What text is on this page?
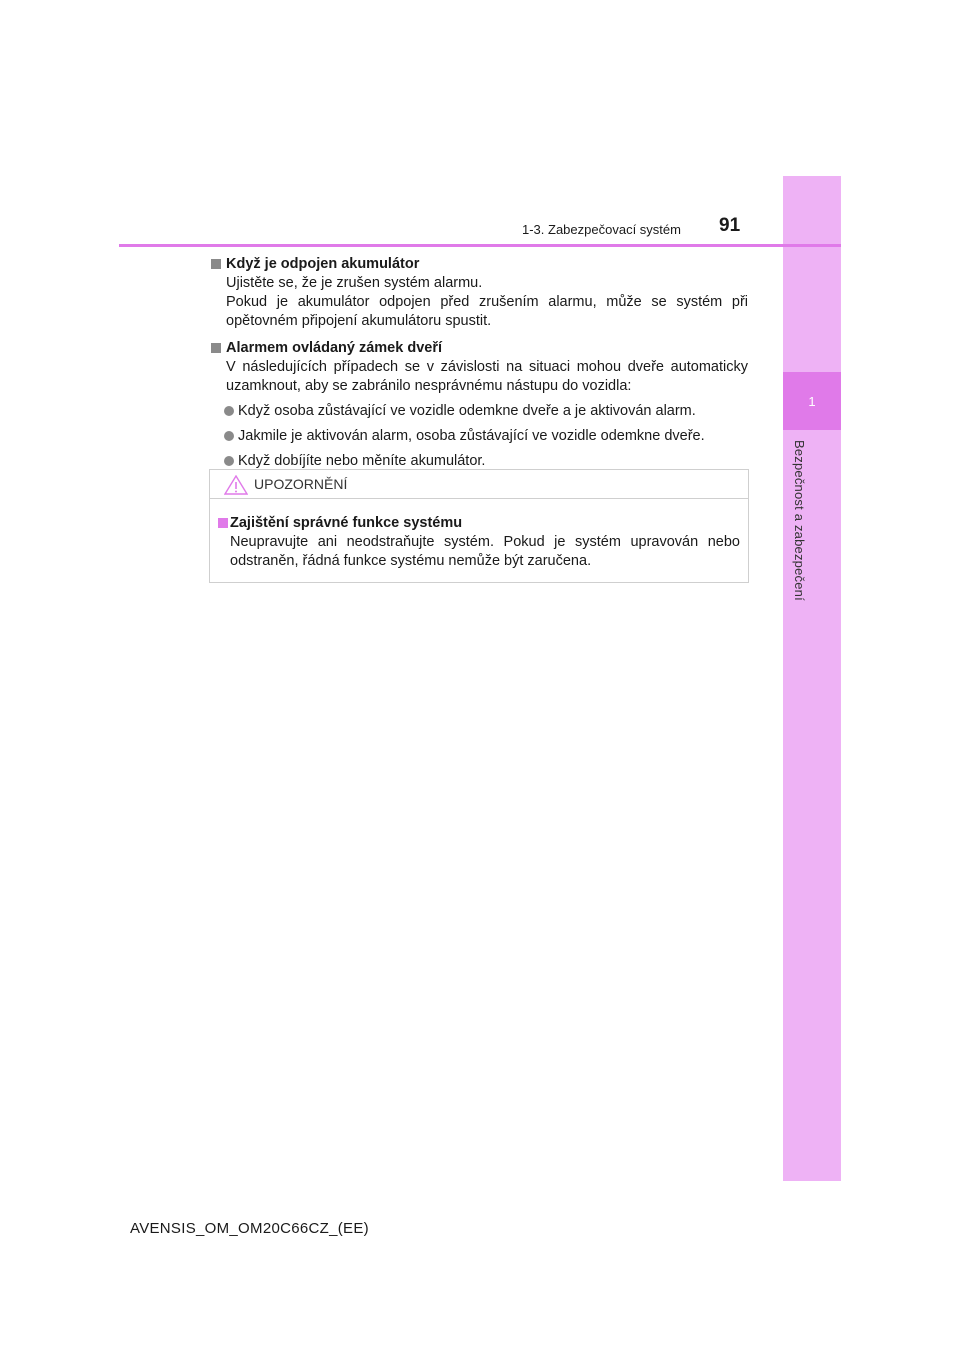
1
Bezpečnost a zabezpečení
1-3. Zabezpečovací systém 91
Když je odpojen akumulátor
Ujistěte se, že je zrušen systém alarmu.
Pokud je akumulátor odpojen před zrušením alarmu, může se systém při opětovném připojení akumulátoru spustit.
Alarmem ovládaný zámek dveří
V následujících případech se v závislosti na situaci mohou dveře automaticky uzamknout, aby se zabránilo nesprávnému nástupu do vozidla:
Když osoba zůstávající ve vozidle odemkne dveře a je aktivován alarm.
Jakmile je aktivován alarm, osoba zůstávající ve vozidle odemkne dveře.
Když dobíjíte nebo měníte akumulátor.
UPOZORNĚNÍ
Zajištění správné funkce systému
Neupravujte ani neodstraňujte systém. Pokud je systém upravován nebo odstraněn, řádná funkce systému nemůže být zaručena.
AVENSIS_OM_OM20C66CZ_(EE)
